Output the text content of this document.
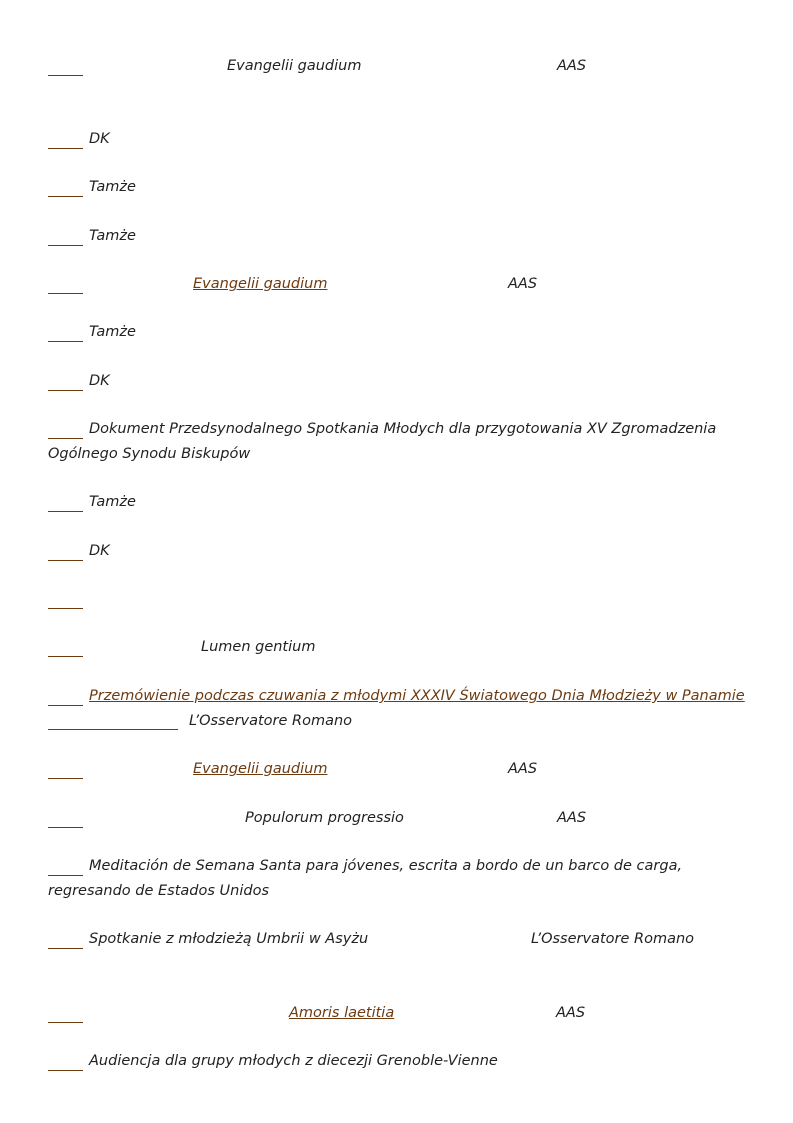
Evangelii gaudium	AAS
DK
Tamże
Tamże
Evangelii gaudium	AAS
Tamże
DK
Dokument Przedsynodalnego Spotkania Młodych dla przygotowania XV Zgromadzenia
Ogólnego Synodu Biskupów
Tamże
DK
Lumen gentium
Przemówienie podczas czuwania z młodymi XXXIV Światowego Dnia Młodzieży w Panamie
L’Osservatore Romano
Evangelii gaudium	AAS
Populorum progressio	AAS
Meditación de Semana Santa para jóvenes, escrita a bordo de un barco de carga,
regresando de Estados Unidos
Spotkanie z młodzieżą Umbrii w Asyżu	L’Osservatore Romano
Amoris laetitia	AAS
Audiencja dla grupy młodych z diecezji Grenoble-Vienne
